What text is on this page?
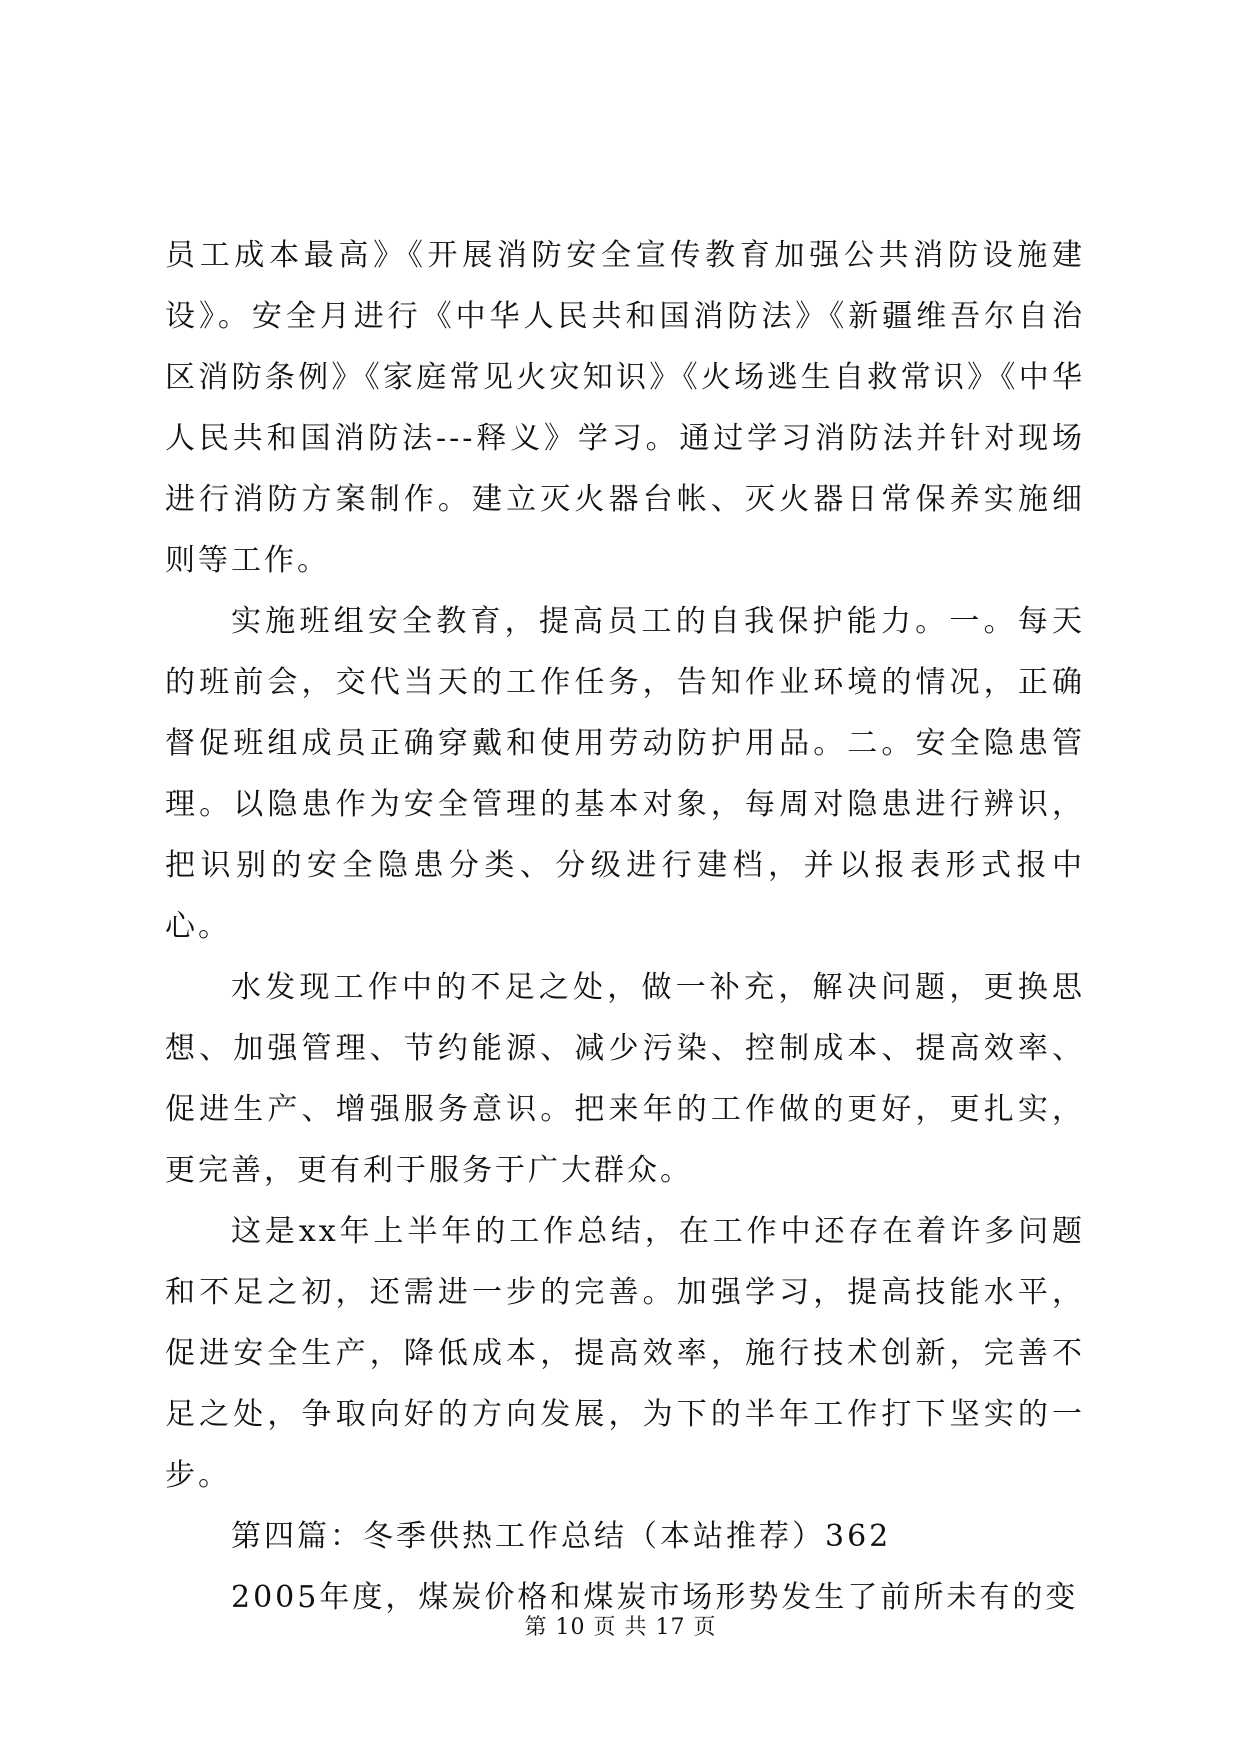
员工成本最高》《开展消防安全宣传教育加强公共消防设施建设》。安全月进行《中华人民共和国消防法》《新疆维吾尔自治区消防条例》《家庭常见火灾知识》《火场逃生自救常识》《中华人民共和国消防法---释义》学习。通过学习消防法并针对现场进行消防方案制作。建立灭火器台帐、灭火器日常保养实施细则等工作。

实施班组安全教育，提高员工的自我保护能力。一。每天的班前会，交代当天的工作任务，告知作业环境的情况，正确督促班组成员正确穿戴和使用劳动防护用品。二。安全隐患管理。以隐患作为安全管理的基本对象，每周对隐患进行辨识，把识别的安全隐患分类、分级进行建档，并以报表形式报中心。

水发现工作中的不足之处，做一补充，解决问题，更换思想、加强管理、节约能源、减少污染、控制成本、提高效率、促进生产、增强服务意识。把来年的工作做的更好，更扎实，更完善，更有利于服务于广大群众。

这是xx年上半年的工作总结，在工作中还存在着许多问题和不足之初，还需进一步的完善。加强学习，提高技能水平，促进安全生产，降低成本，提高效率，施行技术创新，完善不足之处，争取向好的方向发展，为下的半年工作打下坚实的一步。

第四篇：冬季供热工作总结（本站推荐）362

2005年度，煤炭价格和煤炭市场形势发生了前所未有的变

第 10 页 共 17 页
